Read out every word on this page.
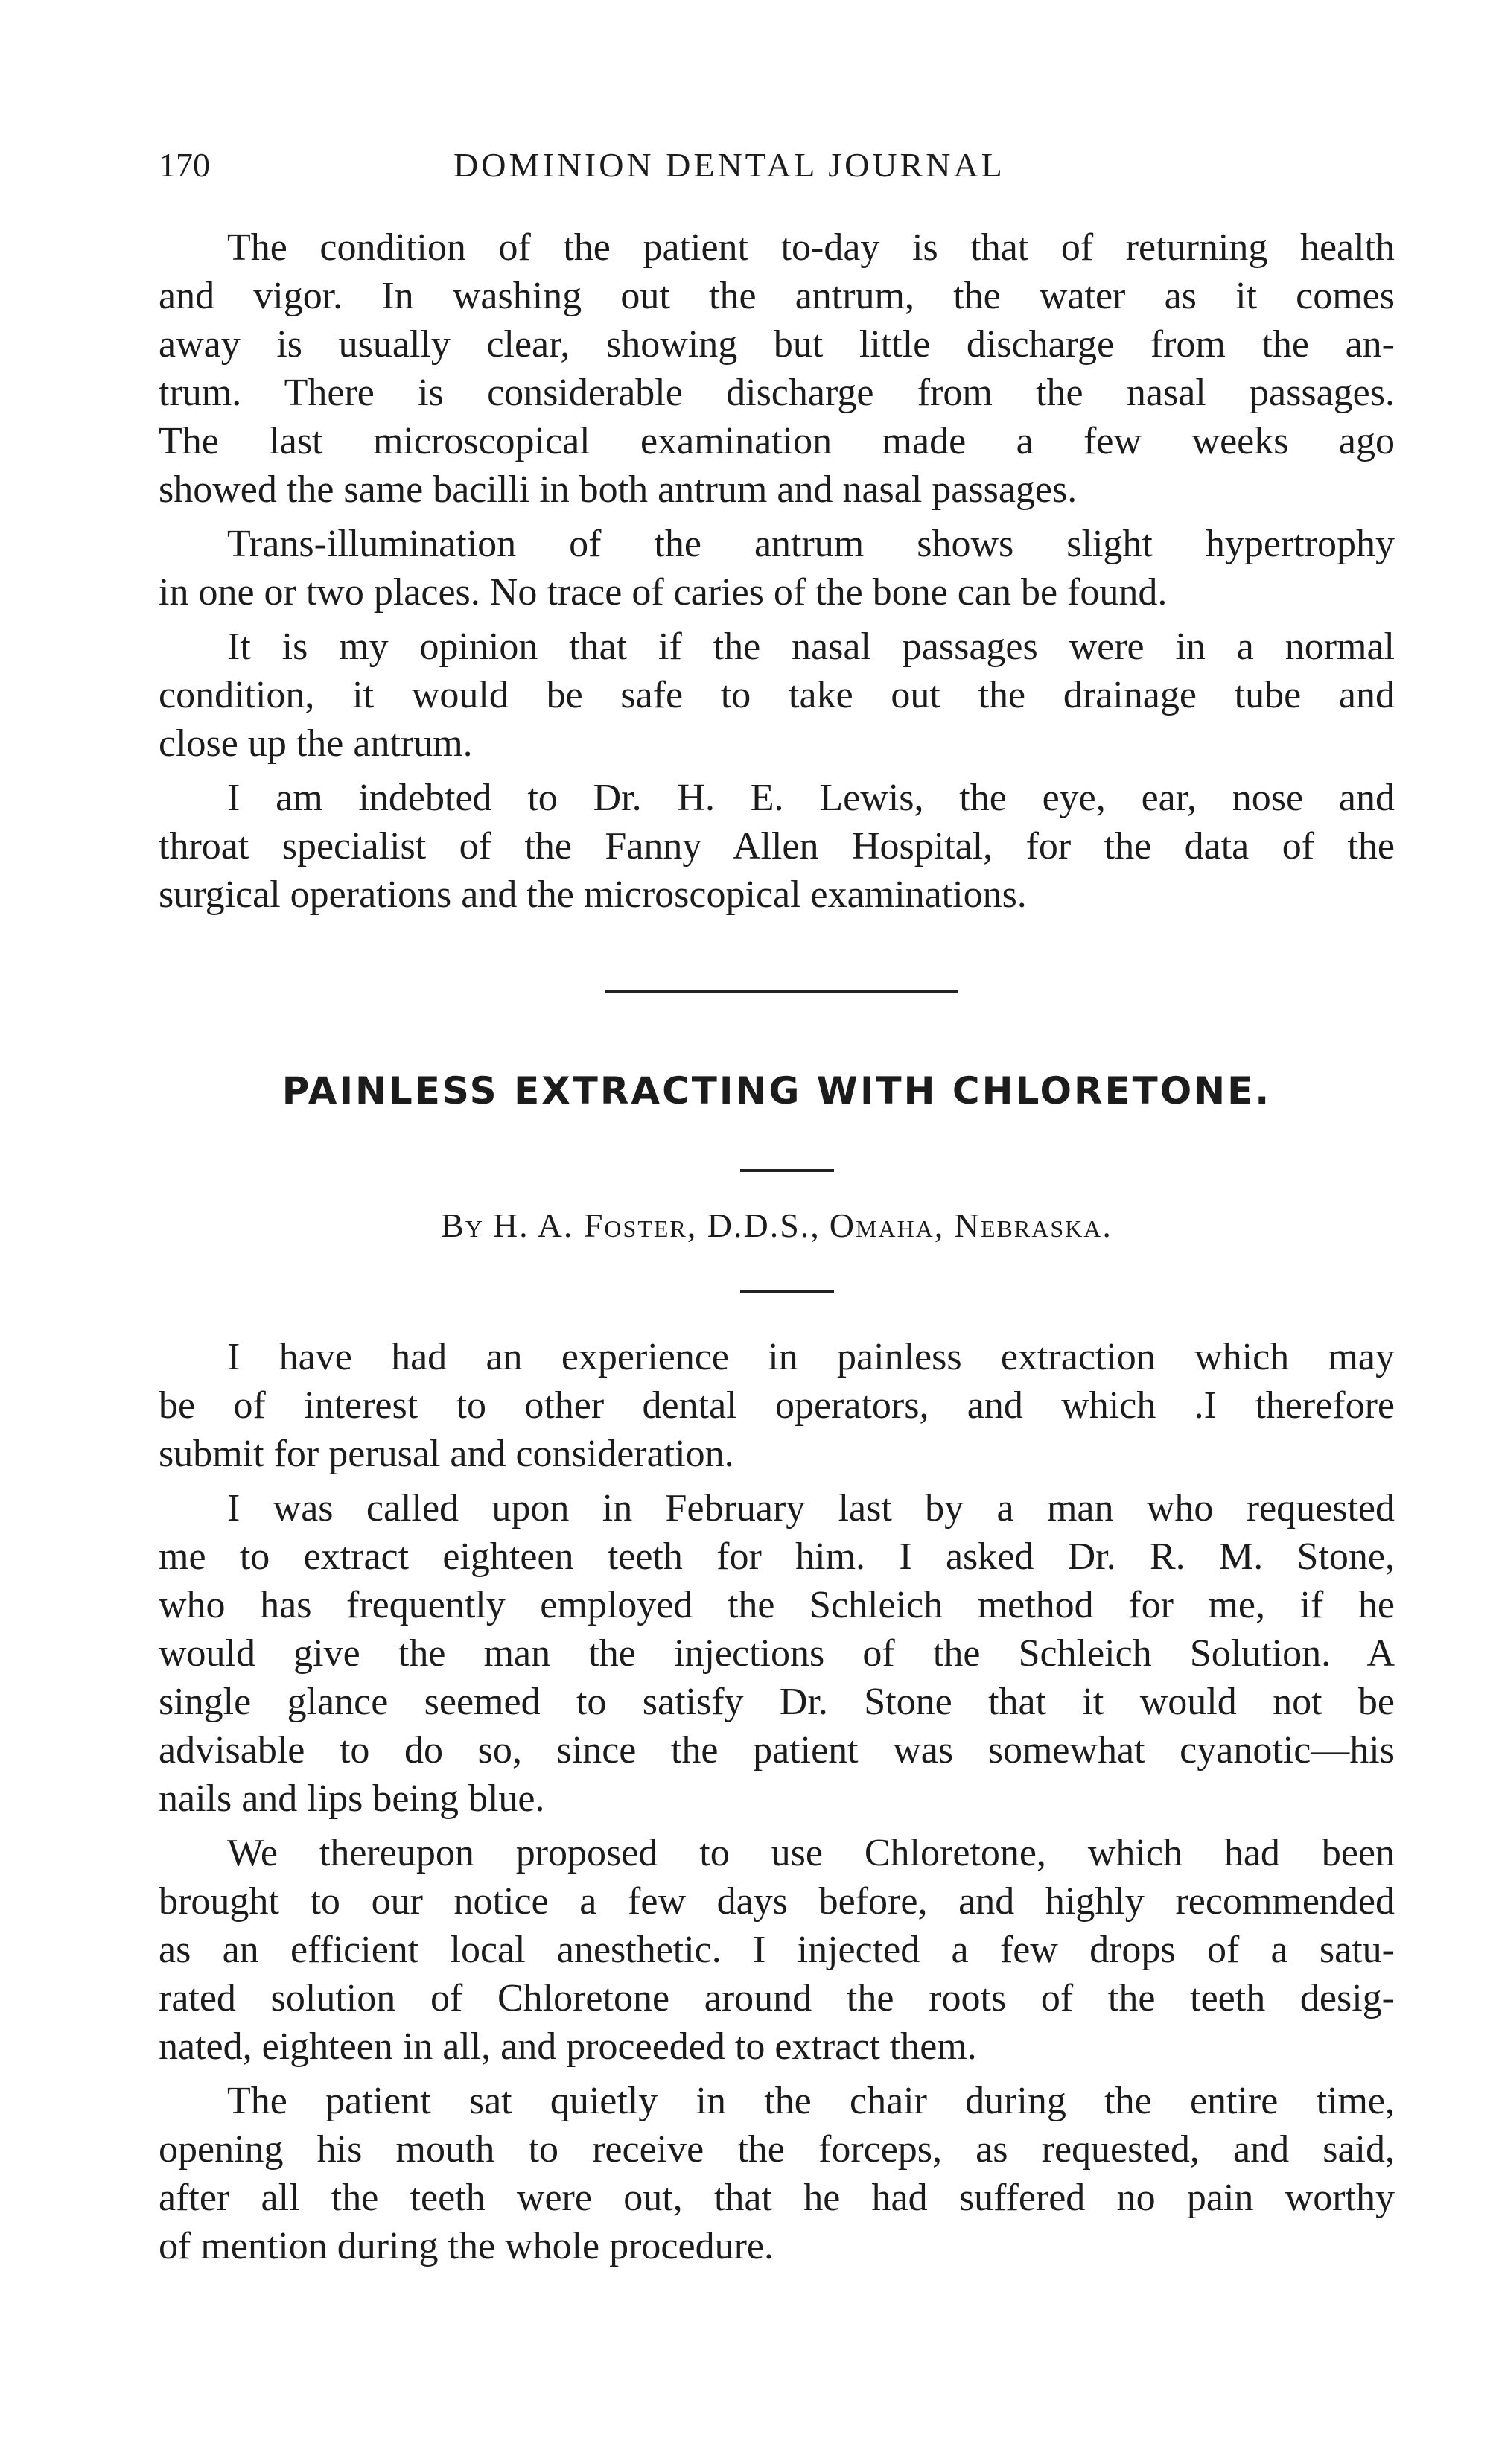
170	DOMINION DENTAL JOURNAL

The condition of the patient to-day is that of returning health
and vigor. In washing out the antrum, the water as it comes
away is usually clear, showing but little discharge from the an-
trum. There is considerable discharge from the nasal passages.
The last microscopical examination made a few weeks ago
showed the same bacilli in both antrum and nasal passages.

Trans-illumination of the antrum shows slight hypertrophy
in one or two places. No trace of caries of the bone can be found.

It is my opinion that if the nasal passages were in a normal
condition, it would be safe to take out the drainage tube and
close up the antrum.

I am indebted to Dr. H. E. Lewis, the eye, ear, nose and
throat specialist of the Fanny Allen Hospital, for the data of the
surgical operations and the microscopical examinations.

PAINLESS EXTRACTING WITH CHLORETONE.
By H. A. Foster, D.D.S., Omaha, Nebraska.

I have had an experience in painless extraction which may
be of interest to other dental operators, and which .I therefore
submit for perusal and consideration.

I was called upon in February last by a man who requested
me to extract eighteen teeth for him. I asked Dr. R. M. Stone,
who has frequently employed the Schleich method for me, if he
would give the man the injections of the Schleich Solution. A
single glance seemed to satisfy Dr. Stone that it would not be
advisable to do so, since the patient was somewhat cyanotic—his
nails and lips being blue.

We thereupon proposed to use Chloretone, which had been
brought to our notice a few days before, and highly recommended
as an efficient local anesthetic. I injected a few drops of a satu-
rated solution of Chloretone around the roots of the teeth desig-
nated, eighteen in all, and proceeded to extract them.

The patient sat quietly in the chair during the entire time,
opening his mouth to receive the forceps, as requested, and said,
after all the teeth were out, that he had suffered no pain worthy
of mention during the whole procedure.
